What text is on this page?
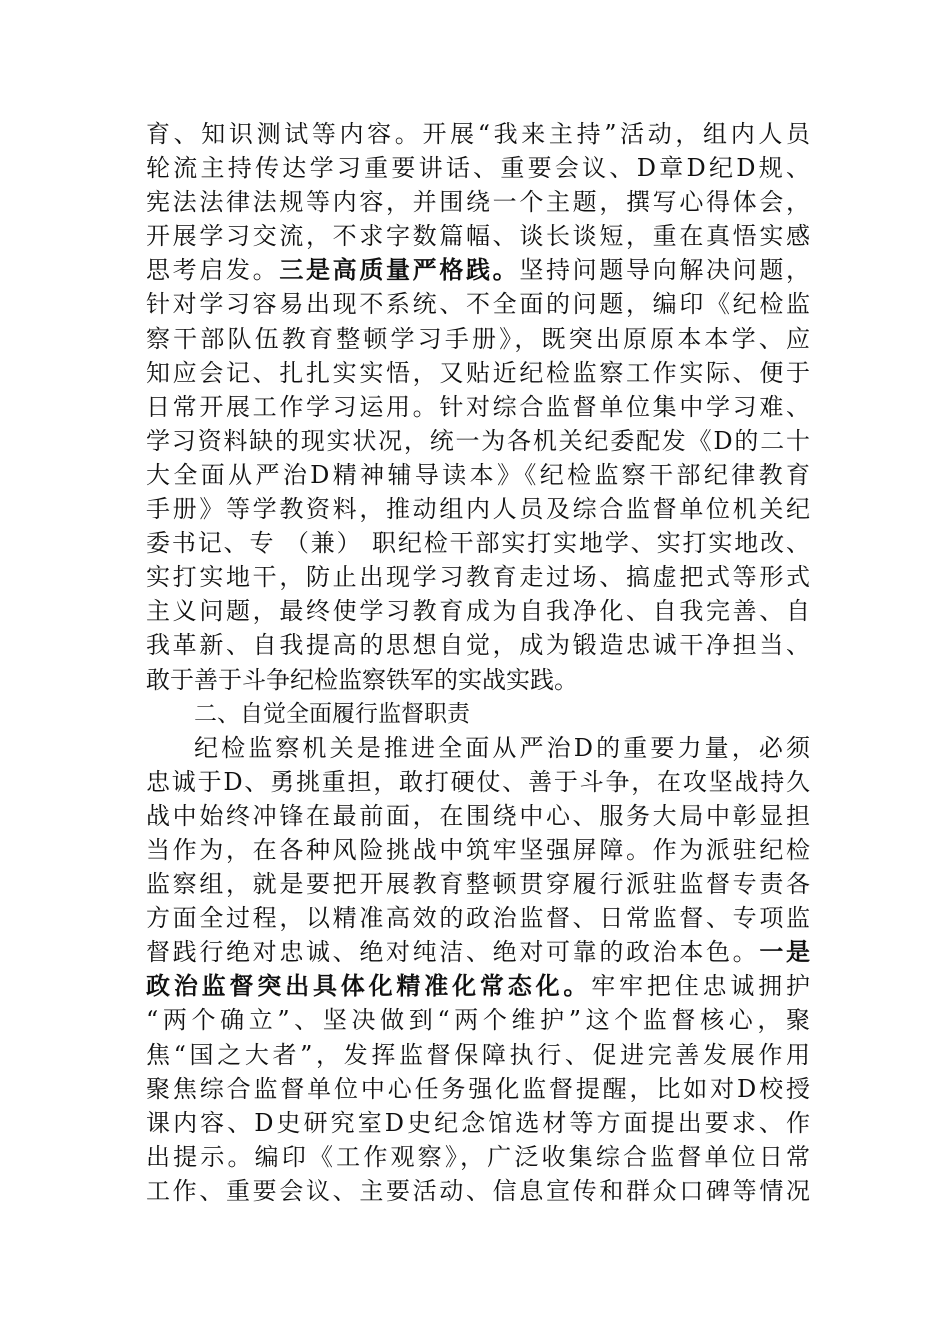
育、知识测试等内容。开展“我来主持”活动，组内人员
轮流主持传达学习重要讲话、重要会议、D章D纪D规、
宪法法律法规等内容，并围绕一个主题，撰写心得体会，
开展学习交流，不求字数篇幅、谈长谈短，重在真悟实感
思考启发。三是高质量严格践。坚持问题导向解决问题，
针对学习容易出现不系统、不全面的问题，编印《纪检监
察干部队伍教育整顿学习手册》，既突出原原本本学、应
知应会记、扎扎实实悟，又贴近纪检监察工作实际、便于
日常开展工作学习运用。针对综合监督单位集中学习难、
学习资料缺的现实状况，统一为各机关纪委配发《D的二十
大全面从严治D精神辅导读本》《纪检监察干部纪律教育
手册》等学教资料，推动组内人员及综合监督单位机关纪
委书记、专 （兼） 职纪检干部实打实地学、实打实地改、
实打实地干，防止出现学习教育走过场、搞虚把式等形式
主义问题，最终使学习教育成为自我净化、自我完善、自
我革新、自我提高的思想自觉，成为锻造忠诚干净担当、
敢于善于斗争纪检监察铁军的实战实践。
二、自觉全面履行监督职责
纪检监察机关是推进全面从严治D的重要力量，必须
忠诚于D、勇挑重担，敢打硬仗、善于斗争，在攻坚战持久
战中始终冲锋在最前面，在围绕中心、服务大局中彰显担
当作为，在各种风险挑战中筑牢坚强屏障。作为派驻纪检
监察组，就是要把开展教育整顿贯穿履行派驻监督专责各
方面全过程，以精准高效的政治监督、日常监督、专项监
督践行绝对忠诚、绝对纯洁、绝对可靠的政治本色。一是
政治监督突出具体化精准化常态化。牢牢把住忠诚拥护
“两个确立”、坚决做到“两个维护”这个监督核心，聚
焦“国之大者”，发挥监督保障执行、促进完善发展作用
聚焦综合监督单位中心任务强化监督提醒，比如对D校授
课内容、D史研究室D史纪念馆选材等方面提出要求、作
出提示。编印《工作观察》，广泛收集综合监督单位日常
工作、重要会议、主要活动、信息宣传和群众口碑等情况
